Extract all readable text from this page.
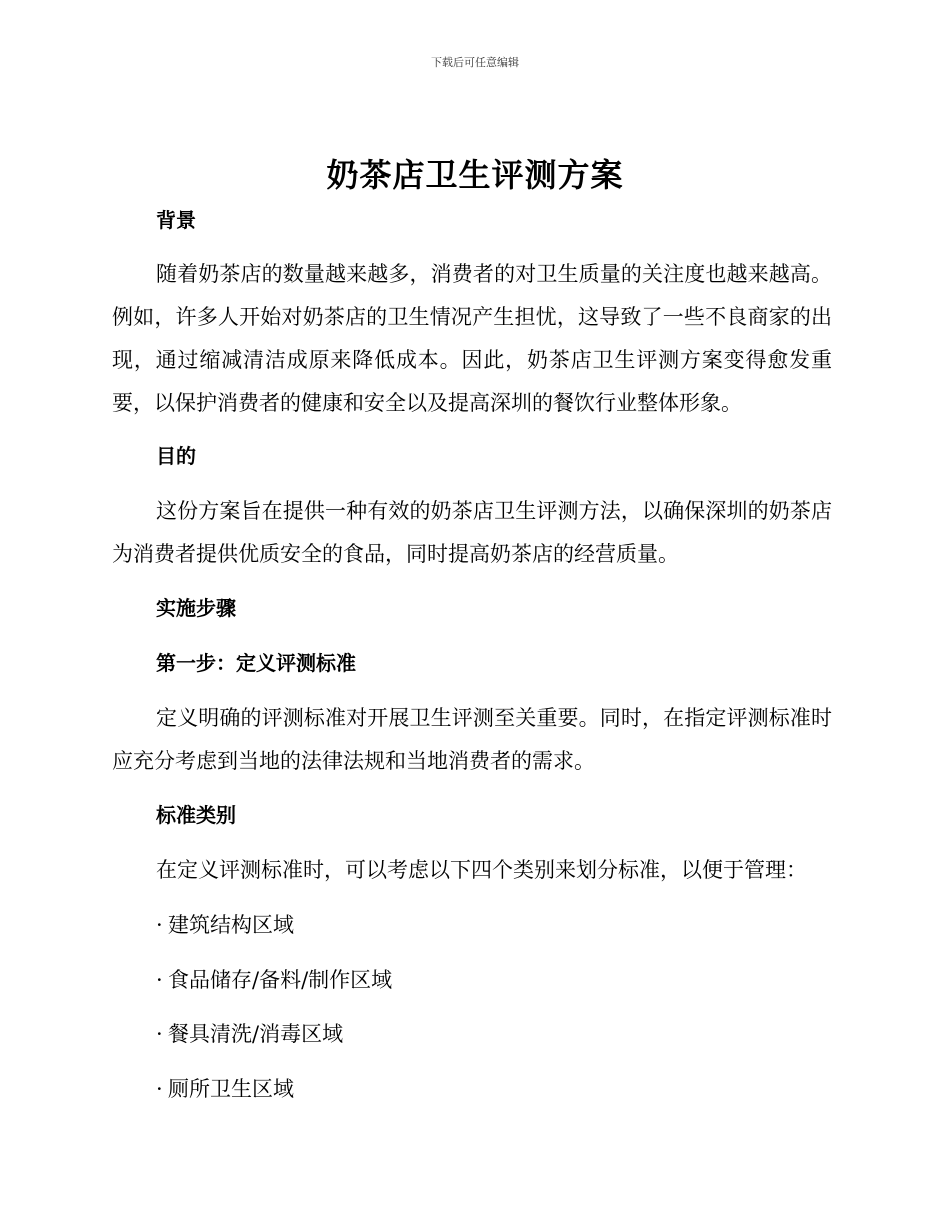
下载后可任意编辑
奶茶店卫生评测方案
背景

随着奶茶店的数量越来越多，消费者的对卫生质量的关注度也越来越高。例如，许多人开始对奶茶店的卫生情况产生担忧，这导致了一些不良商家的出现，通过缩减清洁成原来降低成本。因此，奶茶店卫生评测方案变得愈发重要，以保护消费者的健康和安全以及提高深圳的餐饮行业整体形象。

目的

这份方案旨在提供一种有效的奶茶店卫生评测方法，以确保深圳的奶茶店为消费者提供优质安全的食品，同时提高奶茶店的经营质量。

实施步骤
第一步：定义评测标准

定义明确的评测标准对开展卫生评测至关重要。同时，在指定评测标准时应充分考虑到当地的法律法规和当地消费者的需求。

标准类别

在定义评测标准时，可以考虑以下四个类别来划分标准，以便于管理：

· 建筑结构区域

· 食品储存/备料/制作区域

· 餐具清洗/消毒区域

· 厕所卫生区域
